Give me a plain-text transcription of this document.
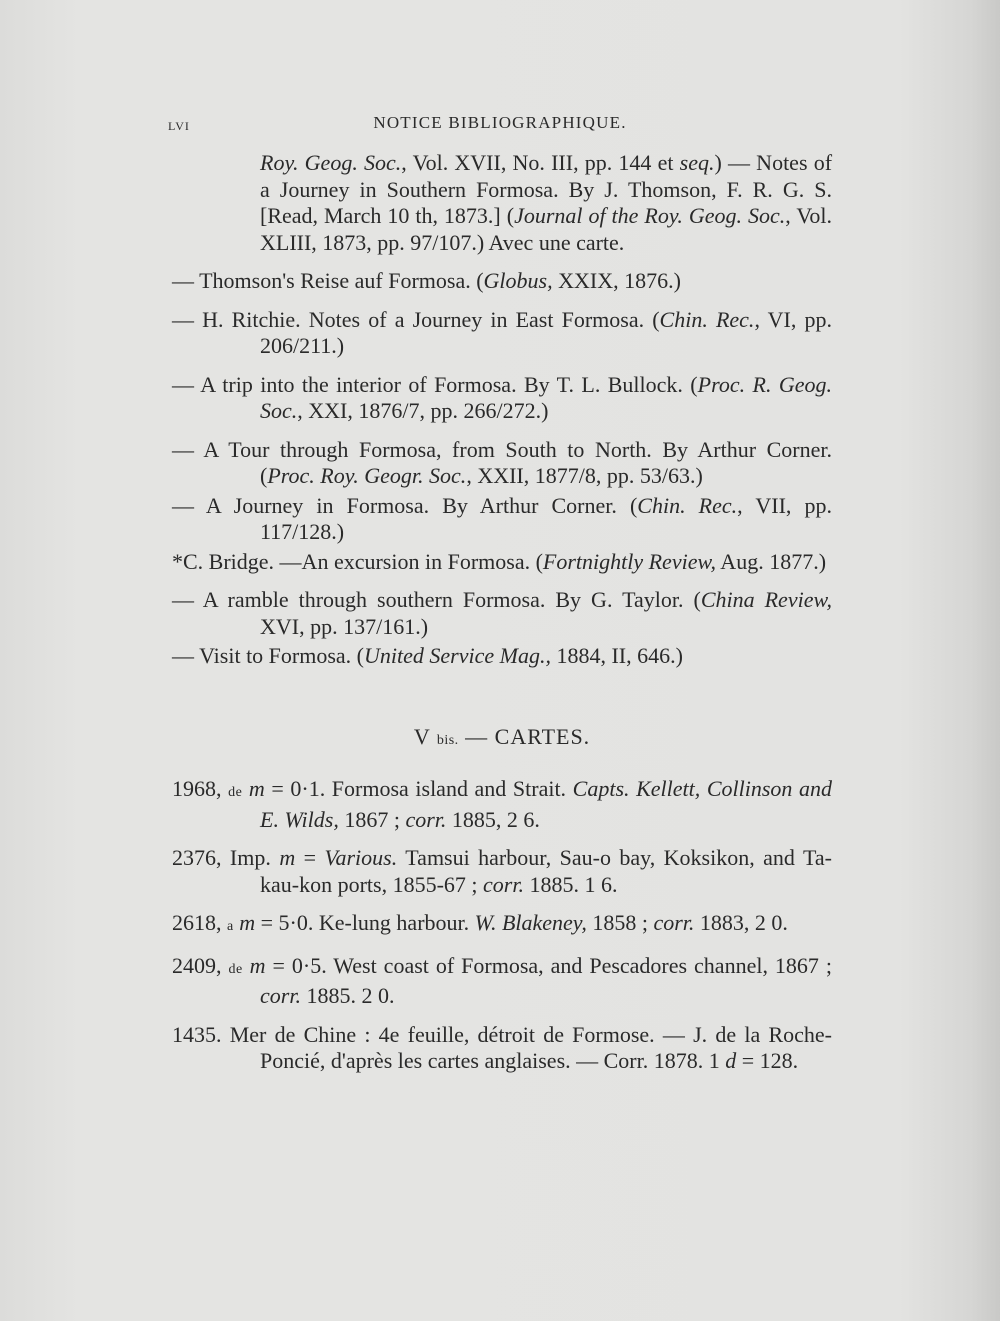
LVI	NOTICE BIBLIOGRAPHIQUE.

Roy. Geog. Soc., Vol. XVII, No. III, pp. 144 et seq.) — Notes of a Journey in Southern Formosa. By J. Thomson, F. R. G. S. [Read, March 10 th, 1873.] (Journal of the Roy. Geog. Soc., Vol. XLIII, 1873, pp. 97/107.) Avec une carte.

— Thomson's Reise auf Formosa. (Globus, XXIX, 1876.)

— H. Ritchie. Notes of a Journey in East Formosa. (Chin. Rec., VI, pp. 206/211.)

— A trip into the interior of Formosa. By T. L. Bullock. (Proc. R. Geog. Soc., XXI, 1876/7, pp. 266/272.)

— A Tour through Formosa, from South to North. By Arthur Corner. (Proc. Roy. Geogr. Soc., XXII, 1877/8, pp. 53/63.)

— A Journey in Formosa. By Arthur Corner. (Chin. Rec., VII, pp. 117/128.)

*C. Bridge. —An excursion in Formosa. (Fortnightly Review, Aug. 1877.)

— A ramble through southern Formosa. By G. Taylor. (China Review, XVI, pp. 137/161.)

— Visit to Formosa. (United Service Mag., 1884, II, 646.)

V bis. — CARTES.

1968, de m = 0·1. Formosa island and Strait. Capts. Kellett, Collinson and E. Wilds, 1867 ; corr. 1885, 2 6.

2376, Imp. m = Various. Tamsui harbour, Sau-o bay, Koksikon, and Ta-kau-kon ports, 1855-67 ; corr. 1885. 1 6.

2618, a m = 5·0. Ke-lung harbour. W. Blakeney, 1858 ; corr. 1883, 2 0.

2409, de m = 0·5. West coast of Formosa, and Pescadores channel, 1867 ; corr. 1885. 2 0.

1435. Mer de Chine : 4e feuille, détroit de Formose. — J. de la Roche-Poncié, d'après les cartes anglaises. — Corr. 1878. 1 d = 128.
